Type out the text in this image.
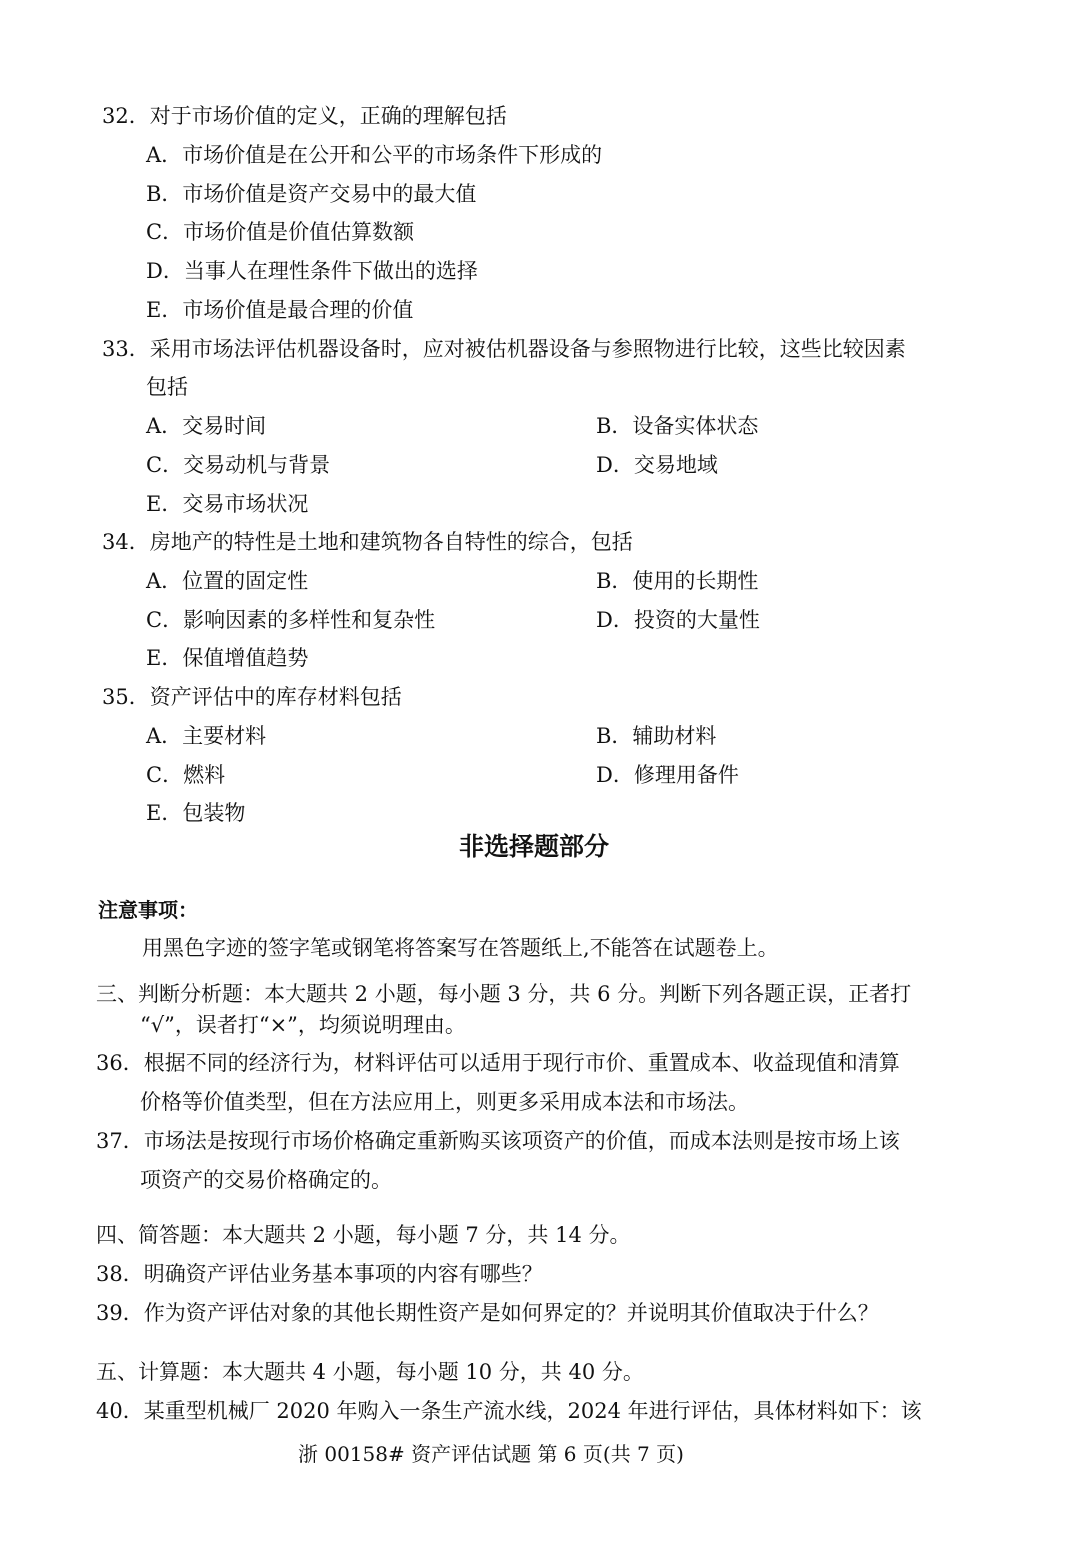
32．对于市场价值的定义，正确的理解包括
A．市场价值是在公开和公平的市场条件下形成的
B．市场价值是资产交易中的最大值
C．市场价值是价值估算数额
D．当事人在理性条件下做出的选择
E．市场价值是最合理的价值
33．采用市场法评估机器设备时，应对被估机器设备与参照物进行比较，这些比较因素
包括
A．交易时间	B．设备实体状态
C．交易动机与背景	D．交易地域
E．交易市场状况
34．房地产的特性是土地和建筑物各自特性的综合，包括
A．位置的固定性	B．使用的长期性
C．影响因素的多样性和复杂性	D．投资的大量性
E．保值增值趋势
35．资产评估中的库存材料包括
A．主要材料	B．辅助材料
C．燃料	D．修理用备件
E．包装物
非选择题部分
注意事项：
用黑色字迹的签字笔或钢笔将答案写在答题纸上,不能答在试题卷上。
三、判断分析题：本大题共 2 小题，每小题 3 分，共 6 分。判断下列各题正误，正者打
“√”，误者打“×”，均须说明理由。
36．根据不同的经济行为，材料评估可以适用于现行市价、重置成本、收益现值和清算
价格等价值类型，但在方法应用上，则更多采用成本法和市场法。
37．市场法是按现行市场价格确定重新购买该项资产的价值，而成本法则是按市场上该
项资产的交易价格确定的。
四、简答题：本大题共 2 小题，每小题 7 分，共 14 分。
38．明确资产评估业务基本事项的内容有哪些？
39．作为资产评估对象的其他长期性资产是如何界定的？并说明其价值取决于什么？
五、计算题：本大题共 4 小题，每小题 10 分，共 40 分。
40．某重型机械厂 2020 年购入一条生产流水线，2024 年进行评估，具体材料如下：该
浙 00158# 资产评估试题 第 6 页(共 7 页)
